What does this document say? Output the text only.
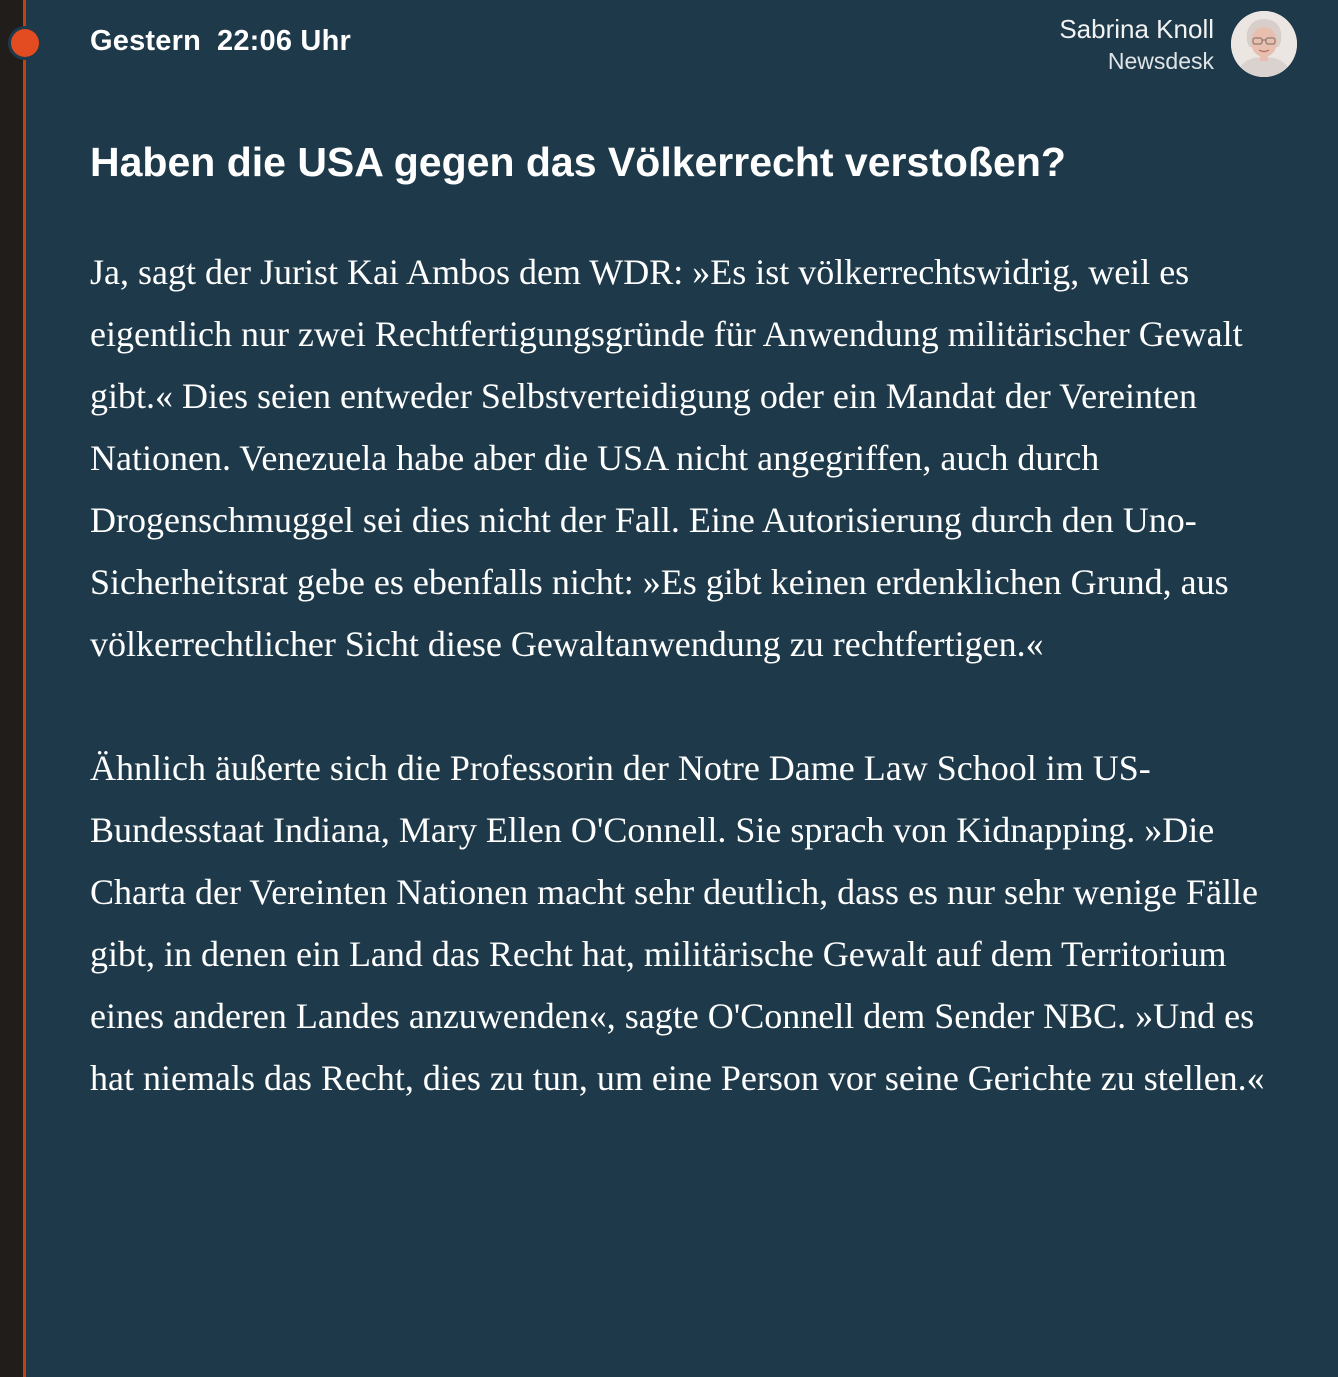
Gestern 22:06 Uhr	Sabrina Knoll
Newsdesk
Haben die USA gegen das Völkerrecht verstoßen?

Ja, sagt der Jurist Kai Ambos dem WDR: »Es ist völkerrechtswidrig, weil es eigentlich nur zwei Rechtfertigungsgründe für Anwendung militärischer Gewalt gibt.« Dies seien entweder Selbstverteidigung oder ein Mandat der Vereinten Nationen. Venezuela habe aber die USA nicht angegriffen, auch durch Drogenschmuggel sei dies nicht der Fall. Eine Autorisierung durch den Uno-Sicherheitsrat gebe es ebenfalls nicht: »Es gibt keinen erdenklichen Grund, aus völkerrechtlicher Sicht diese Gewaltanwendung zu rechtfertigen.«

Ähnlich äußerte sich die Professorin der Notre Dame Law School im US-Bundesstaat Indiana, Mary Ellen O'Connell. Sie sprach von Kidnapping. »Die Charta der Vereinten Nationen macht sehr deutlich, dass es nur sehr wenige Fälle gibt, in denen ein Land das Recht hat, militärische Gewalt auf dem Territorium eines anderen Landes anzuwenden«, sagte O'Connell dem Sender NBC. »Und es hat niemals das Recht, dies zu tun, um eine Person vor seine Gerichte zu stellen.«
